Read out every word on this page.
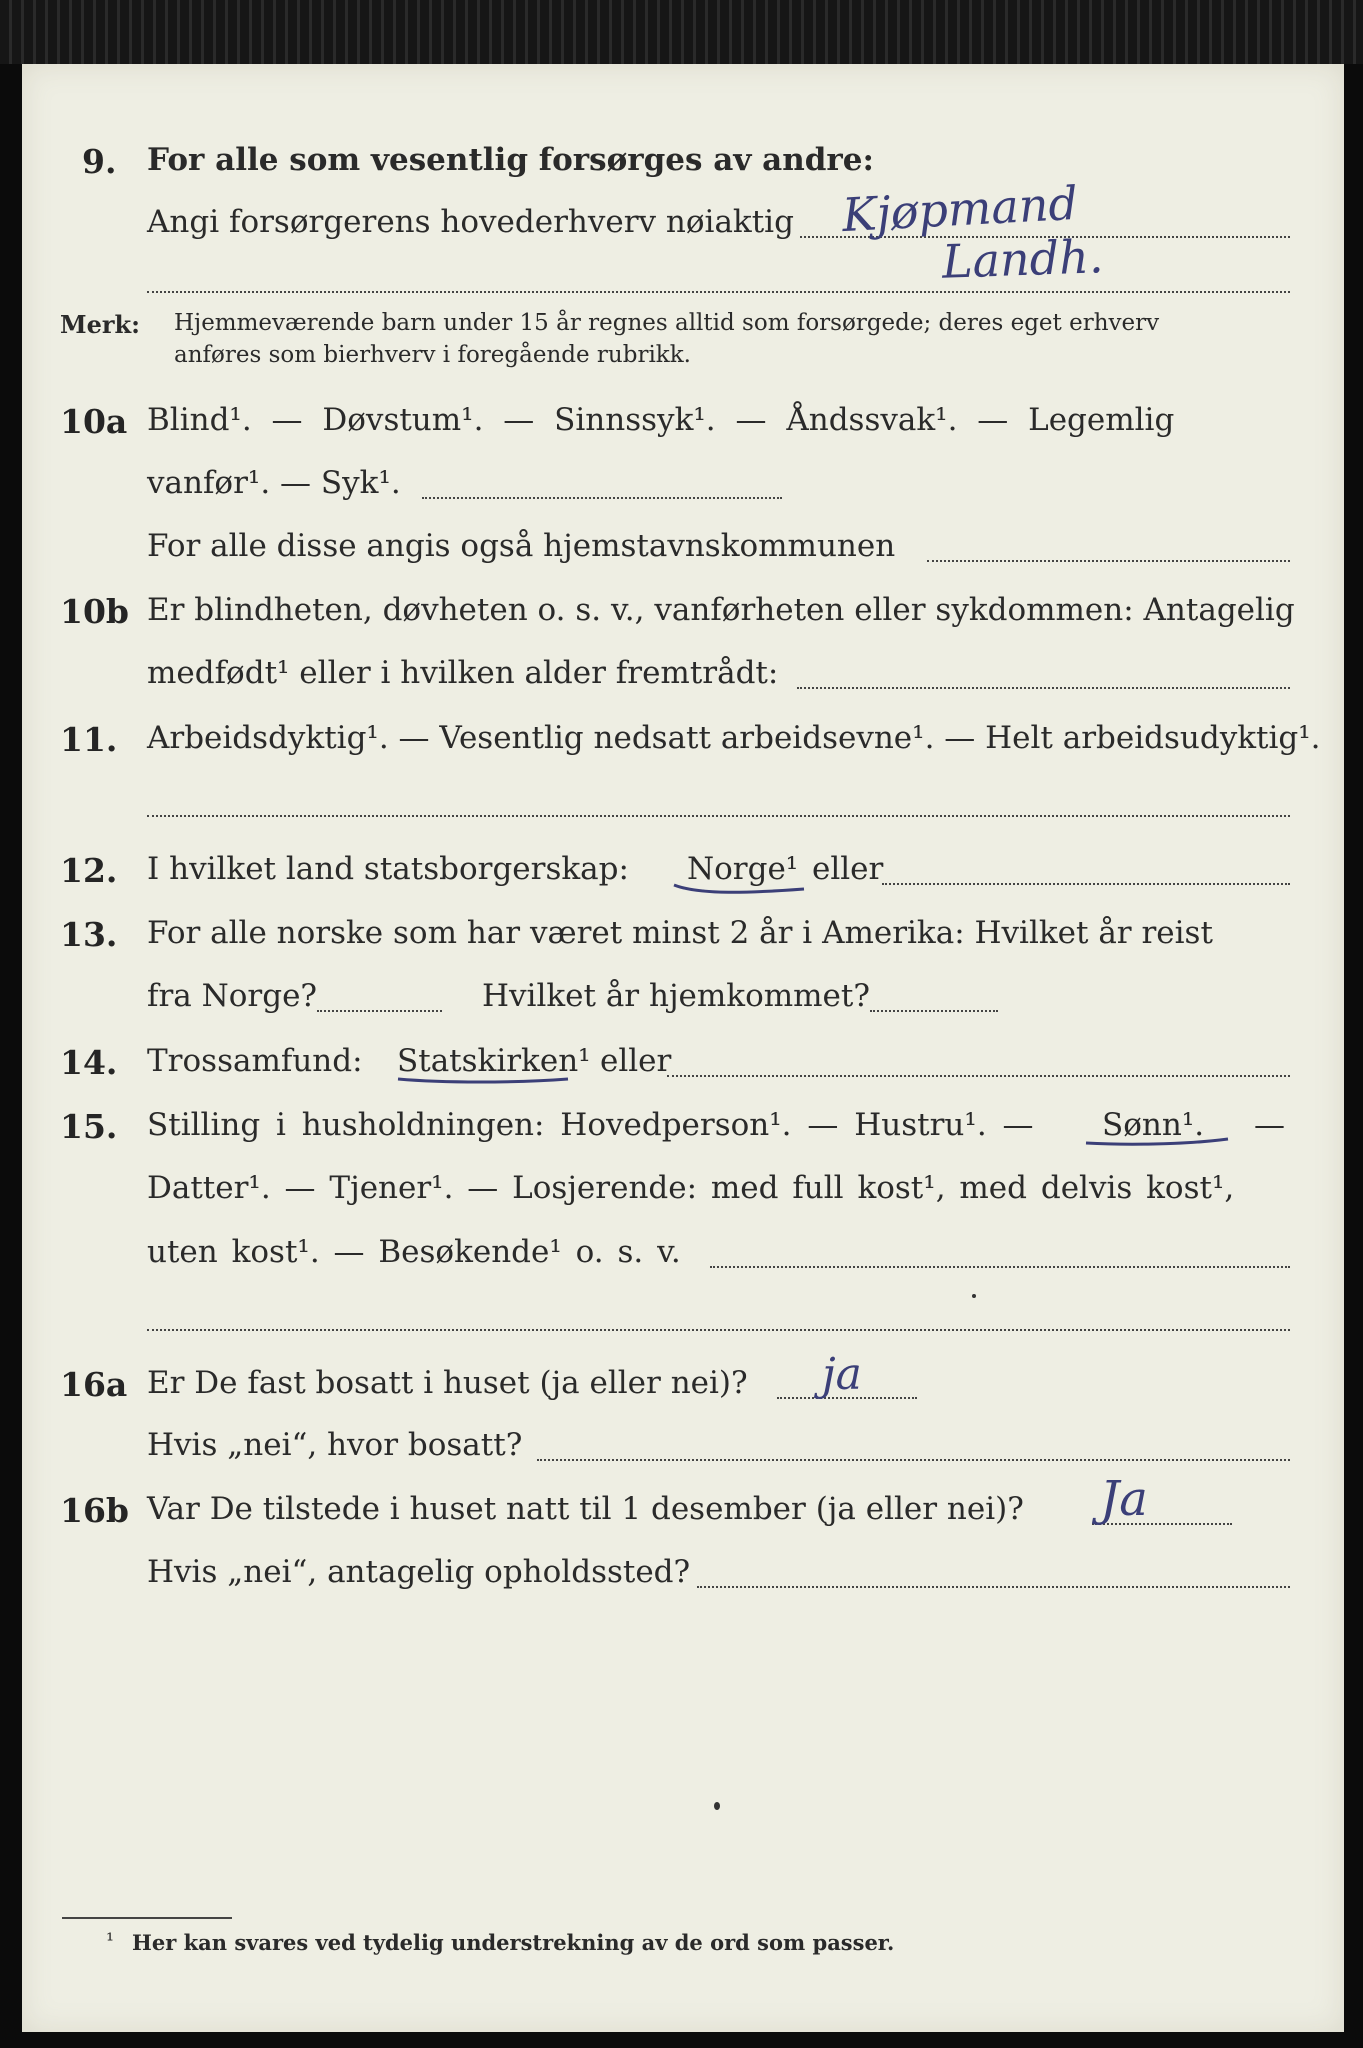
9. For alle som vesentlig forsørges av andre:
Angi forsørgerens hovederhverv nøiaktig Kjøpmand
Landh.
Merk: Hjemmeværende barn under 15 år regnes alltid som forsørgede; deres eget erhverv
anføres som bierhverv i foregående rubrikk.
10a Blind¹. — Døvstum¹. — Sinnssyk¹. — Åndssvak¹. — Legemlig
vanfør¹. — Syk¹.
For alle disse angis også hjemstavnskommunen
10b Er blindheten, døvheten o. s. v., vanførheten eller sykdommen: Antagelig
medfødt¹ eller i hvilken alder fremtrådt:
11. Arbeidsdyktig¹. — Vesentlig nedsatt arbeidsevne¹. — Helt arbeidsudyktig¹.
12. I hvilket land statsborgerskap: Norge¹ eller
13. For alle norske som har været minst 2 år i Amerika: Hvilket år reist
fra Norge?	Hvilket år hjemkommet?
14. Trossamfund: Statskirken¹ eller
15. Stilling i husholdningen: Hovedperson¹. — Hustru¹. — Sønn¹. —
Datter¹. — Tjener¹. — Losjerende: med full kost¹, med delvis kost¹,
uten kost¹. — Besøkende¹ o. s. v.
16a Er De fast bosatt i huset (ja eller nei)? ja
Hvis „nei“, hvor bosatt?
16b Var De tilstede i huset natt til 1 desember (ja eller nei)? Ja
Hvis „nei“, antagelig opholdssted?
¹ Her kan svares ved tydelig understrekning av de ord som passer.
